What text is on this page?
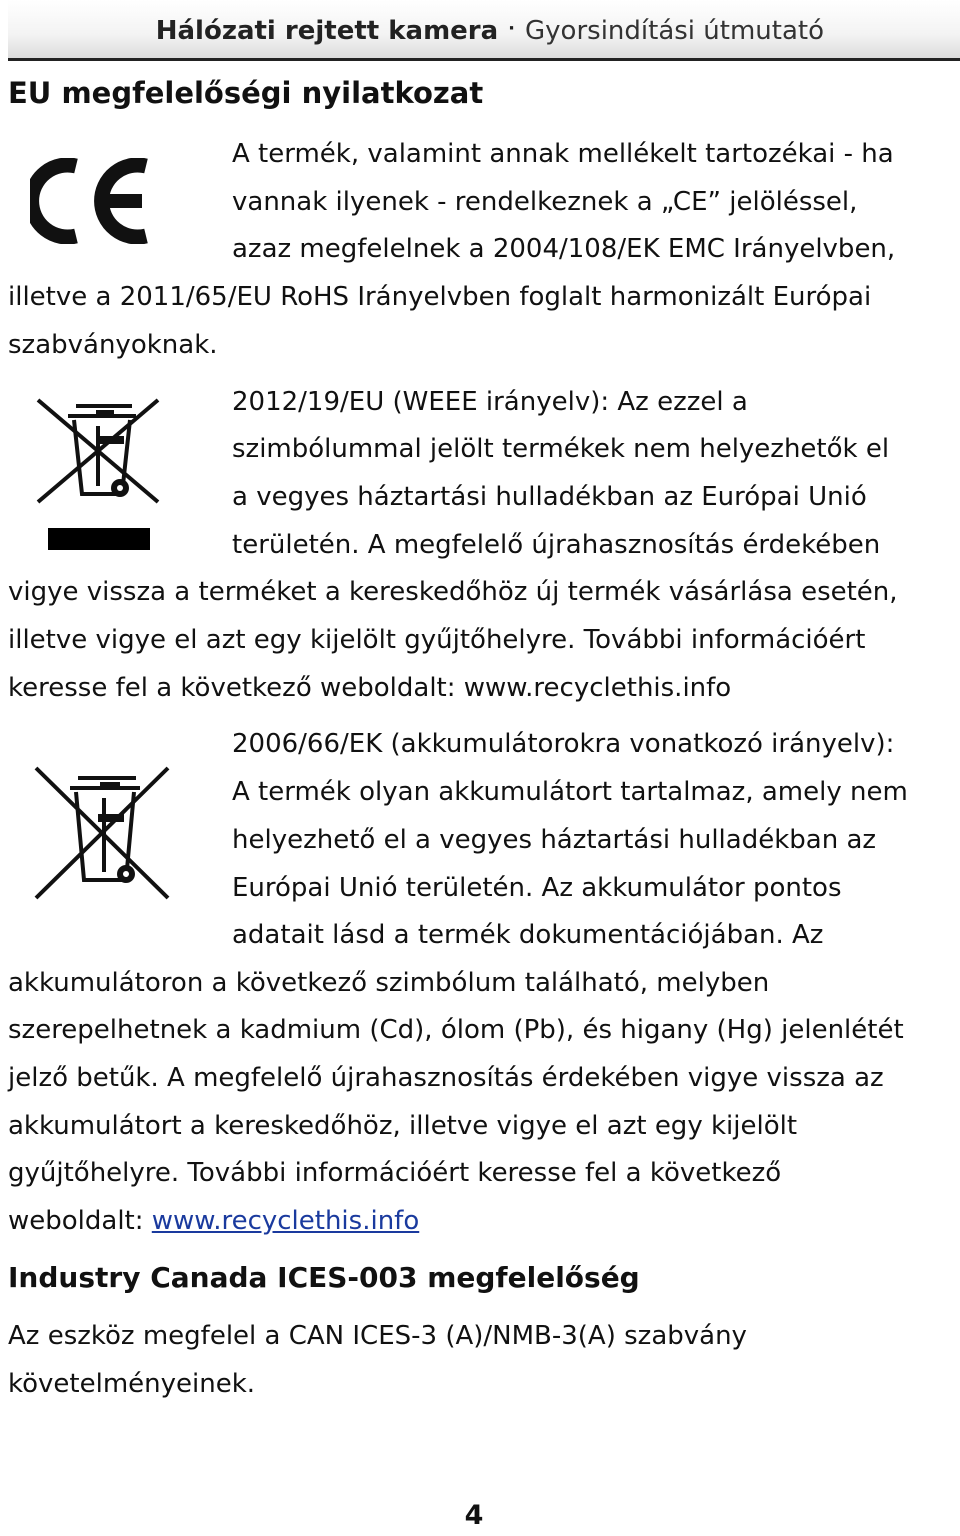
Hálózati rejtett kamera · Gyorsindítási útmutató
EU megfelelőségi nyilatkozat
A termék, valamint annak mellékelt tartozékai - ha
vannak ilyenek - rendelkeznek a „CE” jelöléssel,
azaz megfelelnek a 2004/108/EK EMC Irányelvben,
illetve a 2011/65/EU RoHS Irányelvben foglalt harmonizált Európai
szabványoknak.
2012/19/EU (WEEE irányelv): Az ezzel a
szimbólummal jelölt termékek nem helyezhetők el
a vegyes háztartási hulladékban az Európai Unió
területén. A megfelelő újrahasznosítás érdekében
vigye vissza a terméket a kereskedőhöz új termék vásárlása esetén,
illetve vigye el azt egy kijelölt gyűjtőhelyre. További információért
keresse fel a következő weboldalt: www.recyclethis.info
2006/66/EK (akkumulátorokra vonatkozó irányelv):
A termék olyan akkumulátort tartalmaz, amely nem
helyezhető el a vegyes háztartási hulladékban az
Európai Unió területén. Az akkumulátor pontos
adatait lásd a termék dokumentációjában. Az
akkumulátoron a következő szimbólum található, melyben
szerepelhetnek a kadmium (Cd), ólom (Pb), és higany (Hg) jelenlétét
jelző betűk. A megfelelő újrahasznosítás érdekében vigye vissza az
akkumulátort a kereskedőhöz, illetve vigye el azt egy kijelölt
gyűjtőhelyre. További információért keresse fel a következő
weboldalt: www.recyclethis.info
Industry Canada ICES-003 megfelelőség
Az eszköz megfelel a CAN ICES-3 (A)/NMB-3(A) szabvány
követelményeinek.
4
